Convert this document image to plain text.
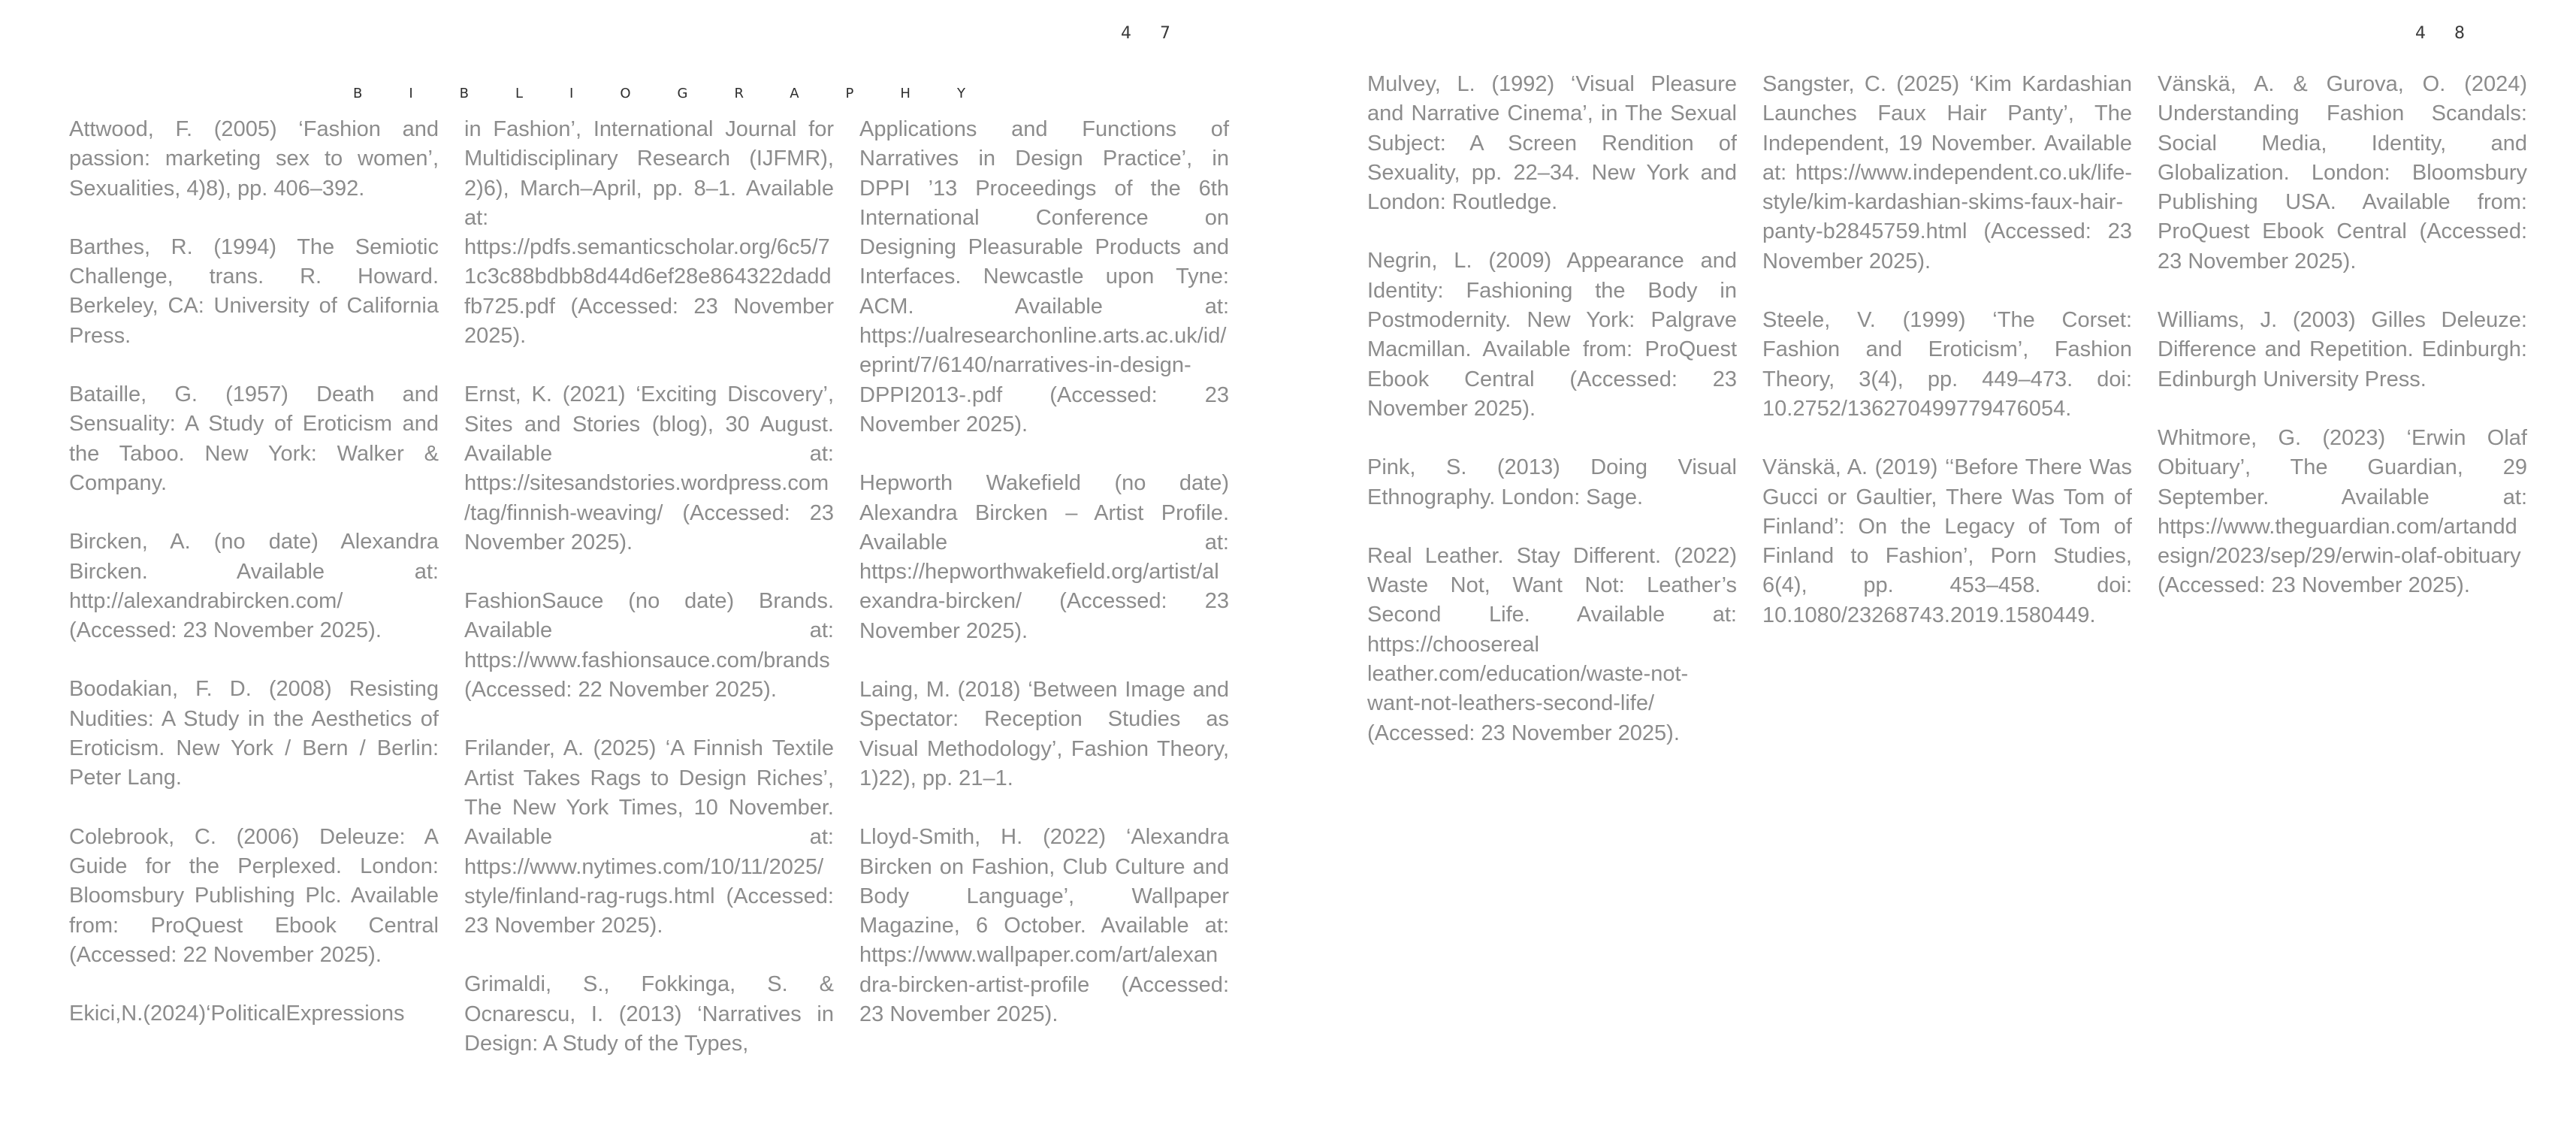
47	48
BIBLIOGRAPHY

Attwood, F. (2005) ‘Fashion and passion: marketing sex to women’, Sexualities, 4)8), pp. 406–392.

Barthes, R. (1994) The Semiotic Challenge, trans. R. Howard. Berkeley, CA: University of California Press.

Bataille, G. (1957) Death and Sensuality: A Study of Eroticism and the Taboo. New York: Walker & Company.

Bircken, A. (no date) Alexandra Bircken. Available at: http://alexandrabircken.com/ (Accessed: 23 November 2025).

Boodakian, F. D. (2008) Resisting Nudities: A Study in the Aesthetics of Eroticism. New York / Bern / Berlin: Peter Lang.

Colebrook, C. (2006) Deleuze: A Guide for the Perplexed. London: Bloomsbury Publishing Plc. Available from: ProQuest Ebook Central (Accessed: 22 November 2025).

Ekici,N.(2024)‘PoliticalExpressions

in Fashion’, International Journal for Multidisciplinary Research (IJFMR), 2)6), March–April, pp. 8–1. Available at: https://pdfs.semanticscholar.org/6c5/71c3c88bdbb8d44d6ef28e864322daddfb725.pdf (Accessed: 23 November 2025).

Ernst, K. (2021) ‘Exciting Discovery’, Sites and Stories (blog), 30 August. Available at: https://sitesandstories.wordpress.com/tag/finnish-weaving/ (Accessed: 23 November 2025).

FashionSauce (no date) Brands. Available at: https://www.fashionsauce.com/brands (Accessed: 22 November 2025).

Frilander, A. (2025) ‘A Finnish Textile Artist Takes Rags to Design Riches’, The New York Times, 10 November. Available at: https://www.nytimes.com/10/11/2025/style/finland-rag-rugs.html (Accessed: 23 November 2025).

Grimaldi, S., Fokkinga, S. & Ocnarescu, I. (2013) ‘Narratives in Design: A Study of the Types,

Applications and Functions of Narratives in Design Practice’, in DPPI ’13 Proceedings of the 6th International Conference on Designing Pleasurable Products and Interfaces. Newcastle upon Tyne: ACM. Available at: https://ualresearchonline.arts.ac.uk/id/eprint/7/6140/narratives-in-design-DPPI2013-.pdf (Accessed: 23 November 2025).

Hepworth Wakefield (no date) Alexandra Bircken – Artist Profile. Available at: https://hepworthwakefield.org/artist/alexandra-bircken/ (Accessed: 23 November 2025).

Laing, M. (2018) ‘Between Image and Spectator: Reception Studies as Visual Methodology’, Fashion Theory, 1)22), pp. 21–1.

Lloyd-Smith, H. (2022) ‘Alexandra Bircken on Fashion, Club Culture and Body Language’, Wallpaper Magazine, 6 October. Available at: https://www.wallpaper.com/art/alexandra-bircken-artist-profile (Accessed: 23 November 2025).

Mulvey, L. (1992) ‘Visual Pleasure and Narrative Cinema’, in The Sexual Subject: A Screen Rendition of Sexuality, pp. 22–34. New York and London: Routledge.

Negrin, L. (2009) Appearance and Identity: Fashioning the Body in Postmodernity. New York: Palgrave Macmillan. Available from: ProQuest Ebook Central (Accessed: 23 November 2025).

Pink, S. (2013) Doing Visual Ethnography. London: Sage.

Real Leather. Stay Different. (2022) Waste Not, Want Not: Leather’s Second Life. Available at: https://choosereal leather.com/education/waste-not-want-not-leathers-second-life/ (Accessed: 23 November 2025).

Sangster, C. (2025) ‘Kim Kardashian Launches Faux Hair Panty’, The Independent, 19 November. Available at: https://www.independent.co.uk/life-style/kim-kardashian-skims-faux-hair-panty-b2845759.html (Accessed: 23 November 2025).

Steele, V. (1999) ‘The Corset: Fashion and Eroticism’, Fashion Theory, 3(4), pp. 449–473. doi: 10.2752/136270499779476054.

Vänskä, A. (2019) ‘‘Before There Was Gucci or Gaultier, There Was Tom of Finland’: On the Legacy of Tom of Finland to Fashion’, Porn Studies, 6(4), pp. 453–458. doi: 10.1080/23268743.2019.1580449.

Vänskä, A. & Gurova, O. (2024) Understanding Fashion Scandals: Social Media, Identity, and Globalization. London: Bloomsbury Publishing USA. Available from: ProQuest Ebook Central (Accessed: 23 November 2025).

Williams, J. (2003) Gilles Deleuze: Difference and Repetition. Edinburgh: Edinburgh University Press.

Whitmore, G. (2023) ‘Erwin Olaf Obituary’, The Guardian, 29 September. Available at: https://www.theguardian.com/artanddesign/2023/sep/29/erwin-olaf-obituary (Accessed: 23 November 2025).
